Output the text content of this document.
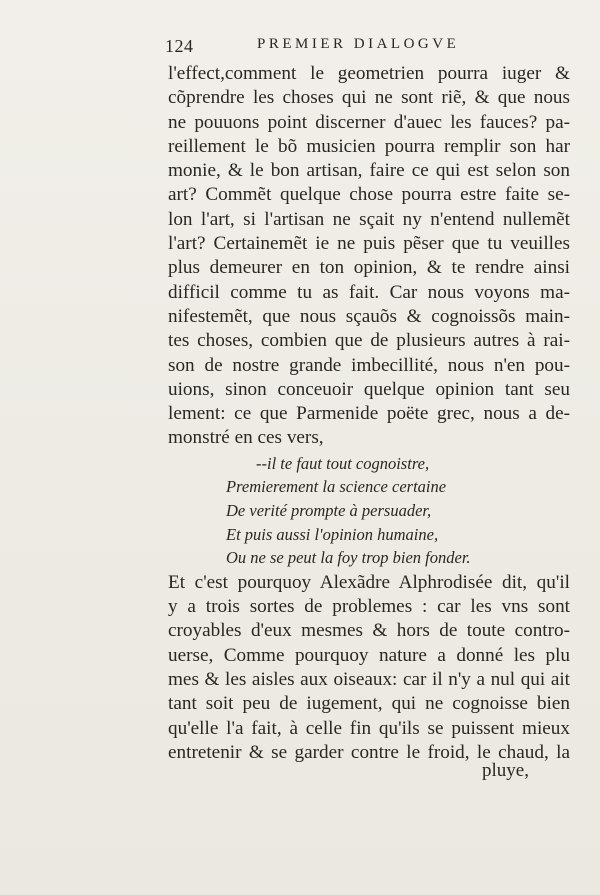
124	PREMIER DIALOGVE
l'effect,comment le geometrien pourra iuger &
cõprendre les choses qui ne sont riẽ, & que nous
ne pouuons point discerner d'auec les fauces? pa-
reillement le bõ musicien pourra remplir son har
monie, & le bon artisan, faire ce qui est selon son
art? Commẽt quelque chose pourra estre faite se-
lon l'art, si l'artisan ne sçait ny n'entend nullemẽt
l'art? Certainemẽt ie ne puis pẽser que tu veuilles
plus demeurer en ton opinion, & te rendre ainsi
difficil comme tu as fait. Car nous voyons ma-
nifestemẽt, que nous sçauõs & cognoissõs main-
tes choses, combien que de plusieurs autres à rai-
son de nostre grande imbecillité, nous n'en pou-
uions, sinon conceuoir quelque opinion tant seu
lement: ce que Parmenide poëte grec, nous a de-
monstré en ces vers,
--il te faut tout cognoistre,
Premierement la science certaine
De verité prompte à persuader,
Et puis aussi l'opinion humaine,
Ou ne se peut la foy trop bien fonder.
Et c'est pourquoy Alexãdre Alphrodisée dit, qu'il
y a trois sortes de problemes : car les vns sont
croyables d'eux mesmes & hors de toute contro-
uerse, Comme pourquoy nature a donné les plu
mes & les aisles aux oiseaux: car il n'y a nul qui ait
tant soit peu de iugement, qui ne cognoisse bien
qu'elle l'a fait, à celle fin qu'ils se puissent mieux
entretenir & se garder contre le froid, le chaud, la
pluye,
